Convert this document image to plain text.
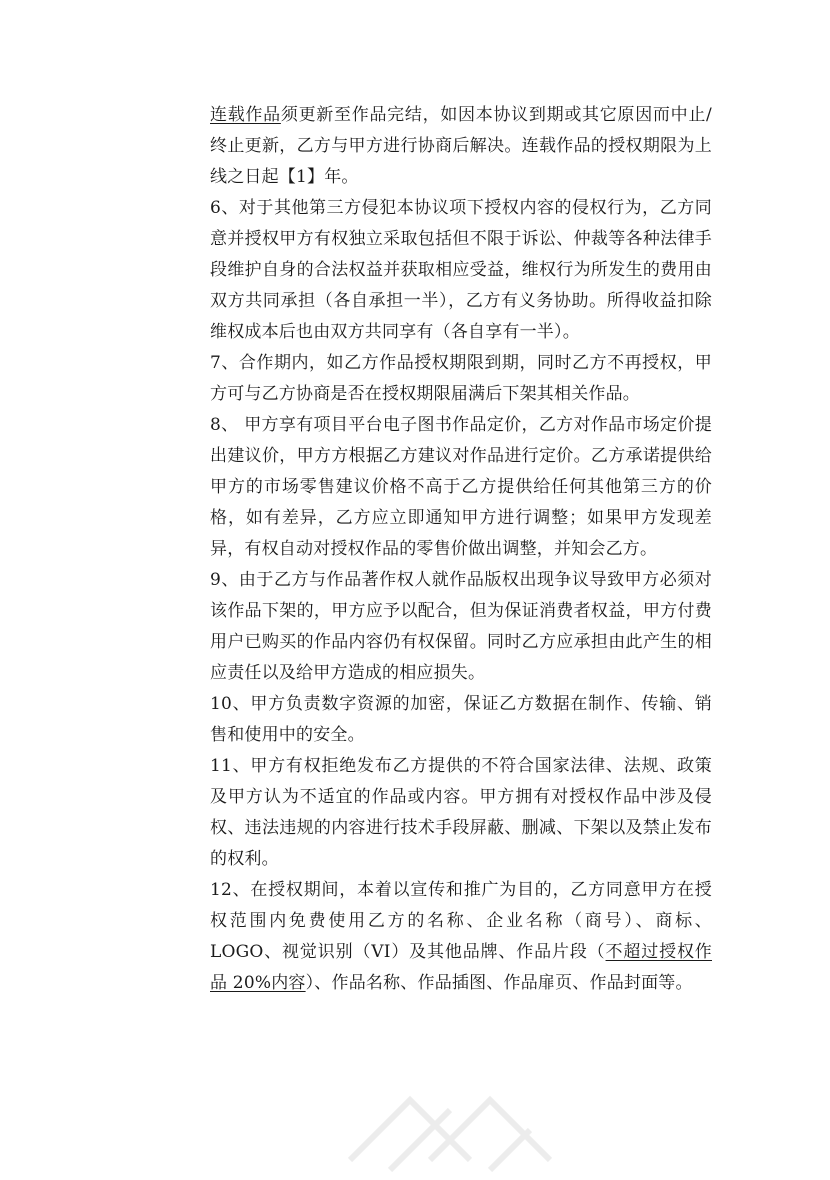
连载作品须更新至作品完结，如因本协议到期或其它原因而中止/终止更新，乙方与甲方进行协商后解决。连载作品的授权期限为上线之日起【1】年。

6、对于其他第三方侵犯本协议项下授权内容的侵权行为，乙方同意并授权甲方有权独立采取包括但不限于诉讼、仲裁等各种法律手段维护自身的合法权益并获取相应受益，维权行为所发生的费用由双方共同承担（各自承担一半），乙方有义务协助。所得收益扣除维权成本后也由双方共同享有（各自享有一半）。

7、合作期内，如乙方作品授权期限到期，同时乙方不再授权，甲方可与乙方协商是否在授权期限届满后下架其相关作品。

8、 甲方享有项目平台电子图书作品定价，乙方对作品市场定价提出建议价，甲方方根据乙方建议对作品进行定价。乙方承诺提供给甲方的市场零售建议价格不高于乙方提供给任何其他第三方的价格，如有差异，乙方应立即通知甲方进行调整；如果甲方发现差异，有权自动对授权作品的零售价做出调整，并知会乙方。

9、由于乙方与作品著作权人就作品版权出现争议导致甲方必须对该作品下架的，甲方应予以配合，但为保证消费者权益，甲方付费用户已购买的作品内容仍有权保留。同时乙方应承担由此产生的相应责任以及给甲方造成的相应损失。

10、甲方负责数字资源的加密，保证乙方数据在制作、传输、销售和使用中的安全。

11、甲方有权拒绝发布乙方提供的不符合国家法律、法规、政策及甲方认为不适宜的作品或内容。甲方拥有对授权作品中涉及侵权、违法违规的内容进行技术手段屏蔽、删减、下架以及禁止发布的权利。

12、在授权期间，本着以宣传和推广为目的，乙方同意甲方在授权范围内免费使用乙方的名称、企业名称（商号）、商标、LOGO、视觉识别（VI）及其他品牌、作品片段（不超过授权作品 20%内容）、作品名称、作品插图、作品扉页、作品封面等。
